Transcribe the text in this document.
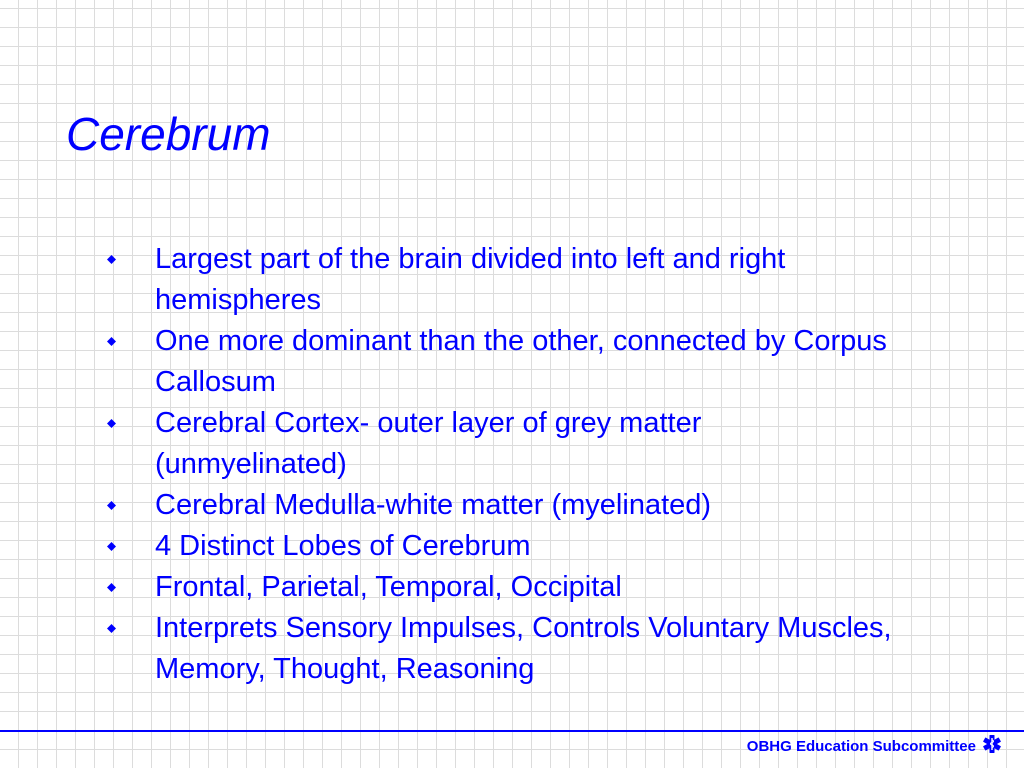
Cerebrum
Largest part of the brain divided into left and right hemispheres
One more dominant than the other, connected by Corpus Callosum
Cerebral Cortex- outer layer of grey matter (unmyelinated)
Cerebral Medulla-white matter (myelinated)
4 Distinct Lobes of Cerebrum
Frontal, Parietal, Temporal, Occipital
Interprets Sensory Impulses, Controls Voluntary Muscles, Memory, Thought, Reasoning
OBHG Education Subcommittee
